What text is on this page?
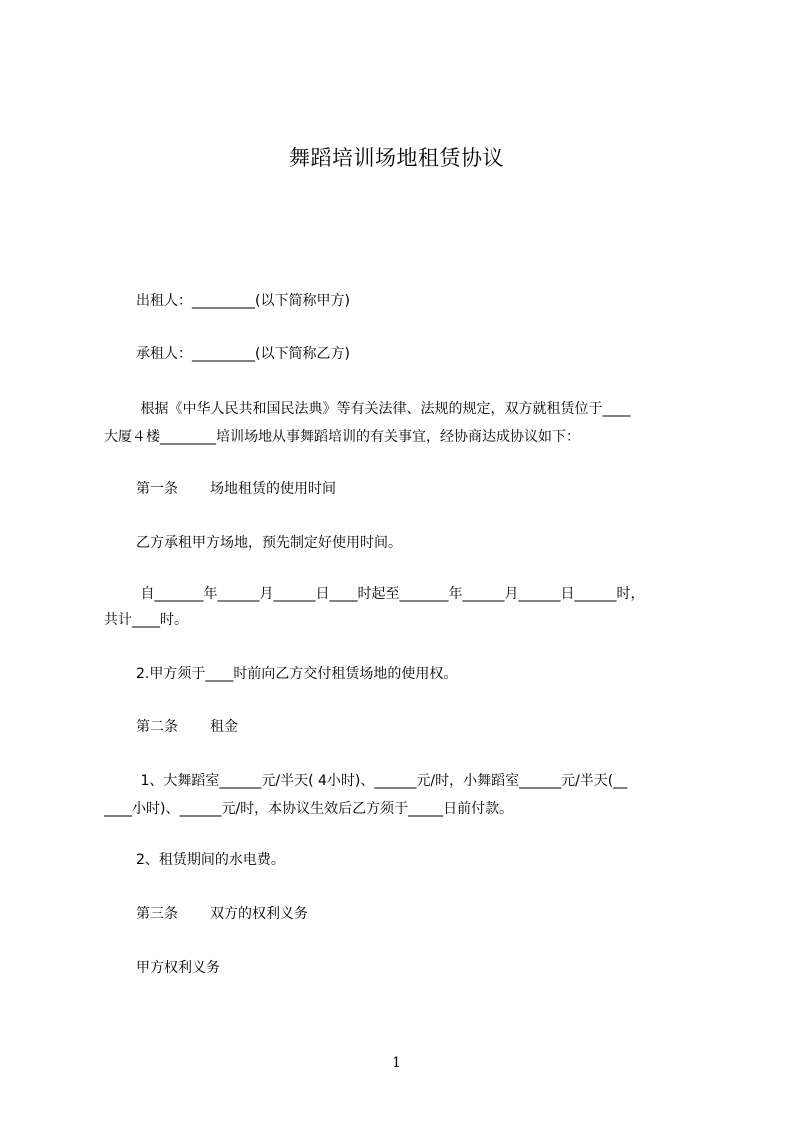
舞蹈培训场地租赁协议

出租人：_________(以下简称甲方)

承租人：_________(以下简称乙方)

根据《中华人民共和国民法典》等有关法律、法规的规定，双方就租赁位于____

大厦４楼________培训场地从事舞蹈培训的有关事宜，经协商达成协议如下：

第一条 场地租赁的使用时间

乙方承租甲方场地，预先制定好使用时间。

自_______年______月______日____时起至_______年______月______日______时，

共计____时。

2.甲方须于____时前向乙方交付租赁场地的使用权。

第二条 租金

1、大舞蹈室______元/半天( 4小时)、______元/时，小舞蹈室______元/半天(__

____小时)、______元/时，本协议生效后乙方须于_____日前付款。

2、租赁期间的水电费。

第三条 双方的权利义务

甲方权利义务

1
